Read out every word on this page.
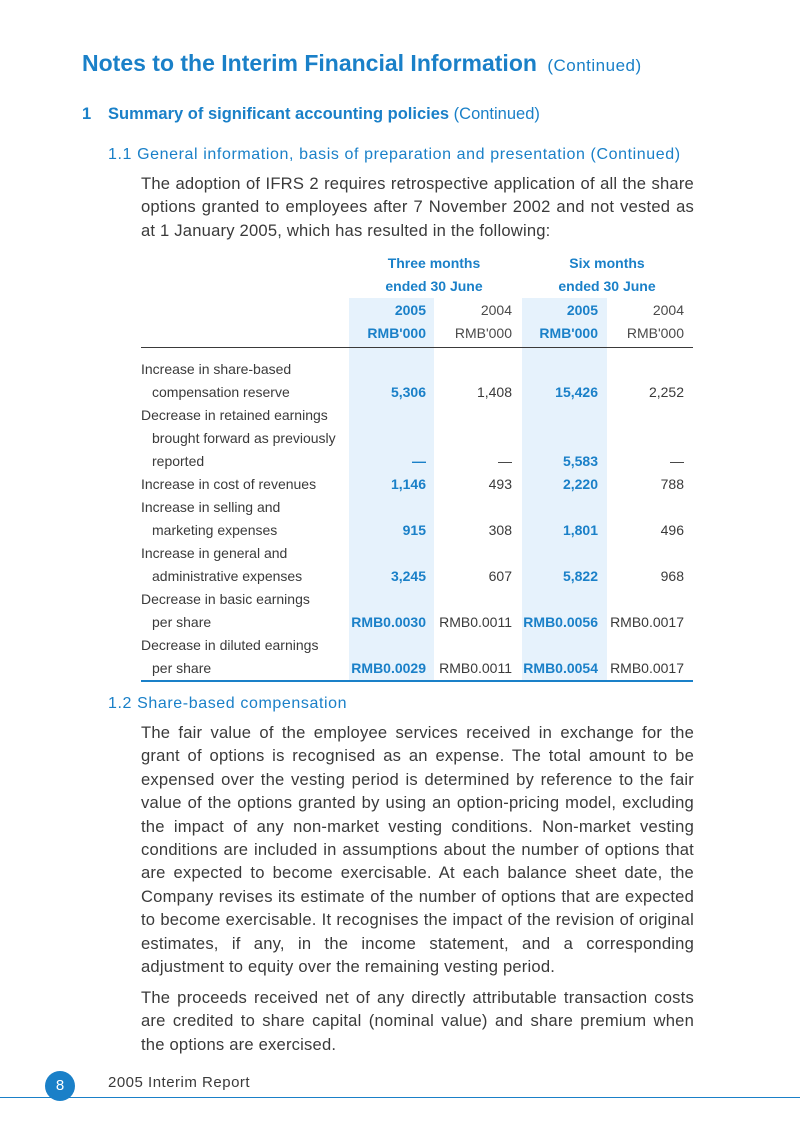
Notes to the Interim Financial Information (Continued)
1 Summary of significant accounting policies (Continued)
1.1 General information, basis of preparation and presentation (Continued)

The adoption of IFRS 2 requires retrospective application of all the share options granted to employees after 7 November 2002 and not vested as at 1 January 2005, which has resulted in the following:

Three months
ended 30 June
Six months
ended 30 June
2005	2004	2005	2004
RMB'000	RMB'000	RMB'000	RMB'000
Increase in share-based
compensation reserve	5,306	1,408	15,426	2,252
Decrease in retained earnings
brought forward as previously
reported	—	—	5,583	—
Increase in cost of revenues	1,146	493	2,220	788
Increase in selling and
marketing expenses	915	308	1,801	496
Increase in general and
administrative expenses	3,245	607	5,822	968
Decrease in basic earnings
per share	RMB0.0030 RMB0.0011 RMB0.0056 RMB0.0017
Decrease in diluted earnings
per share	RMB0.0029 RMB0.0011 RMB0.0054 RMB0.0017
1.2 Share-based compensation

The fair value of the employee services received in exchange for the grant of options is recognised as an expense. The total amount to be expensed over the vesting period is determined by reference to the fair value of the options granted by using an option-pricing model, excluding the impact of any non-market vesting conditions. Non-market vesting conditions are included in assumptions about the number of options that are expected to become exercisable. At each balance sheet date, the Company revises its estimate of the number of options that are expected to become exercisable. It recognises the impact of the revision of original estimates, if any, in the income statement, and a corresponding adjustment to equity over the remaining vesting period.

The proceeds received net of any directly attributable transaction costs are credited to share capital (nominal value) and share premium when the options are exercised.

8	2005 Interim Report
